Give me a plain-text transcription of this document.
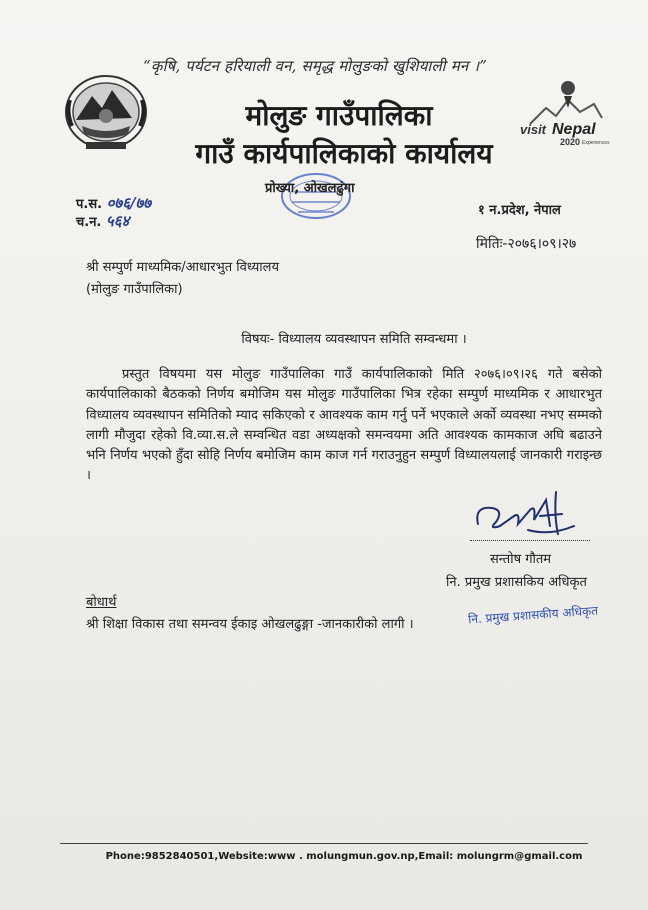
visit Nepal
2020 Experiences
“कृषि, पर्यटन हरियाली वन, समृद्ध मोलुङको खुशियाली मन ।”
मोलुङ गाउँपालिका
गाउँ कार्यपालिकाको कार्यालय
प्रोख्या, ओखलढुंगा
प.स. ०७६/७७
च.न. ५६४
१ न.प्रदेश, नेपाल
मितिः-२०७६।०९।२७
श्री सम्पुर्ण माध्यमिक/आधारभुत विध्यालय
(मोलुङ गाउँपालिका)
विषयः- विध्यालय व्यवस्थापन समिति सम्वन्धमा ।
प्रस्तुत विषयमा यस मोलुङ गाउँपालिका गाउँ कार्यपालिकाको मिति २०७६।०९।२६ गते बसेको कार्यपालिकाको बैठकको निर्णय बमोजिम यस मोलुङ गाउँपालिका भित्र रहेका सम्पुर्ण माध्यमिक र आधारभुत विध्यालय व्यवस्थापन समितिको म्याद सकिएको र आवश्यक काम गर्नु पर्ने भएकाले अर्को व्यवस्था नभए सम्मको लागी मौजुदा रहेको वि.व्या.स.ले सम्वन्धित वडा अध्यक्षको समन्वयमा अति आवश्यक कामकाज अघि बढाउने भनि निर्णय भएको हुँदा सोहि निर्णय बमोजिम काम काज गर्न गराउनुहुन सम्पुर्ण विध्यालयलाई जानकारी गराइन्छ ।
सन्तोष गौतम
नि. प्रमुख प्रशासकिय अधिकृत
बोधार्थ
श्री शिक्षा विकास तथा समन्वय ईकाइ ओखलढुङ्गा -जानकारीको लागी ।	नि. प्रमुख प्रशासकीय अधिकृत
Phone:9852840501,Website:www . molungmun.gov.np,Email: molungrm@gmail.com
